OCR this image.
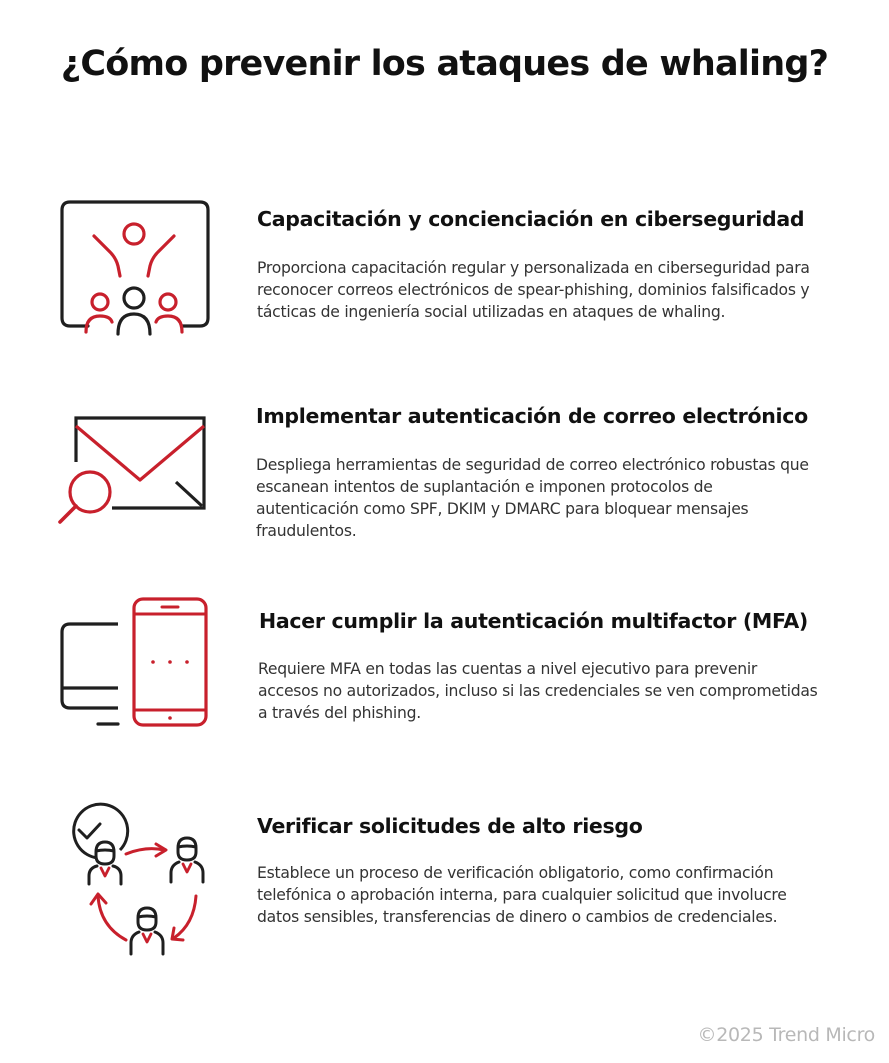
¿Cómo prevenir los ataques de whaling?
Capacitación y concienciación en ciberseguridad

Proporciona capacitación regular y personalizada en ciberseguridad para reconocer correos electrónicos de spear-phishing, dominios falsificados y tácticas de ingeniería social utilizadas en ataques de whaling.

Implementar autenticación de correo electrónico

Despliega herramientas de seguridad de correo electrónico robustas que escanean intentos de suplantación e imponen protocolos de autenticación como SPF, DKIM y DMARC para bloquear mensajes fraudulentos.

Hacer cumplir la autenticación multifactor (MFA)

Requiere MFA en todas las cuentas a nivel ejecutivo para prevenir accesos no autorizados, incluso si las credenciales se ven comprometidas a través del phishing.

Verificar solicitudes de alto riesgo

Establece un proceso de verificación obligatorio, como confirmación telefónica o aprobación interna, para cualquier solicitud que involucre datos sensibles, transferencias de dinero o cambios de credenciales.

©2025 Trend Micro
